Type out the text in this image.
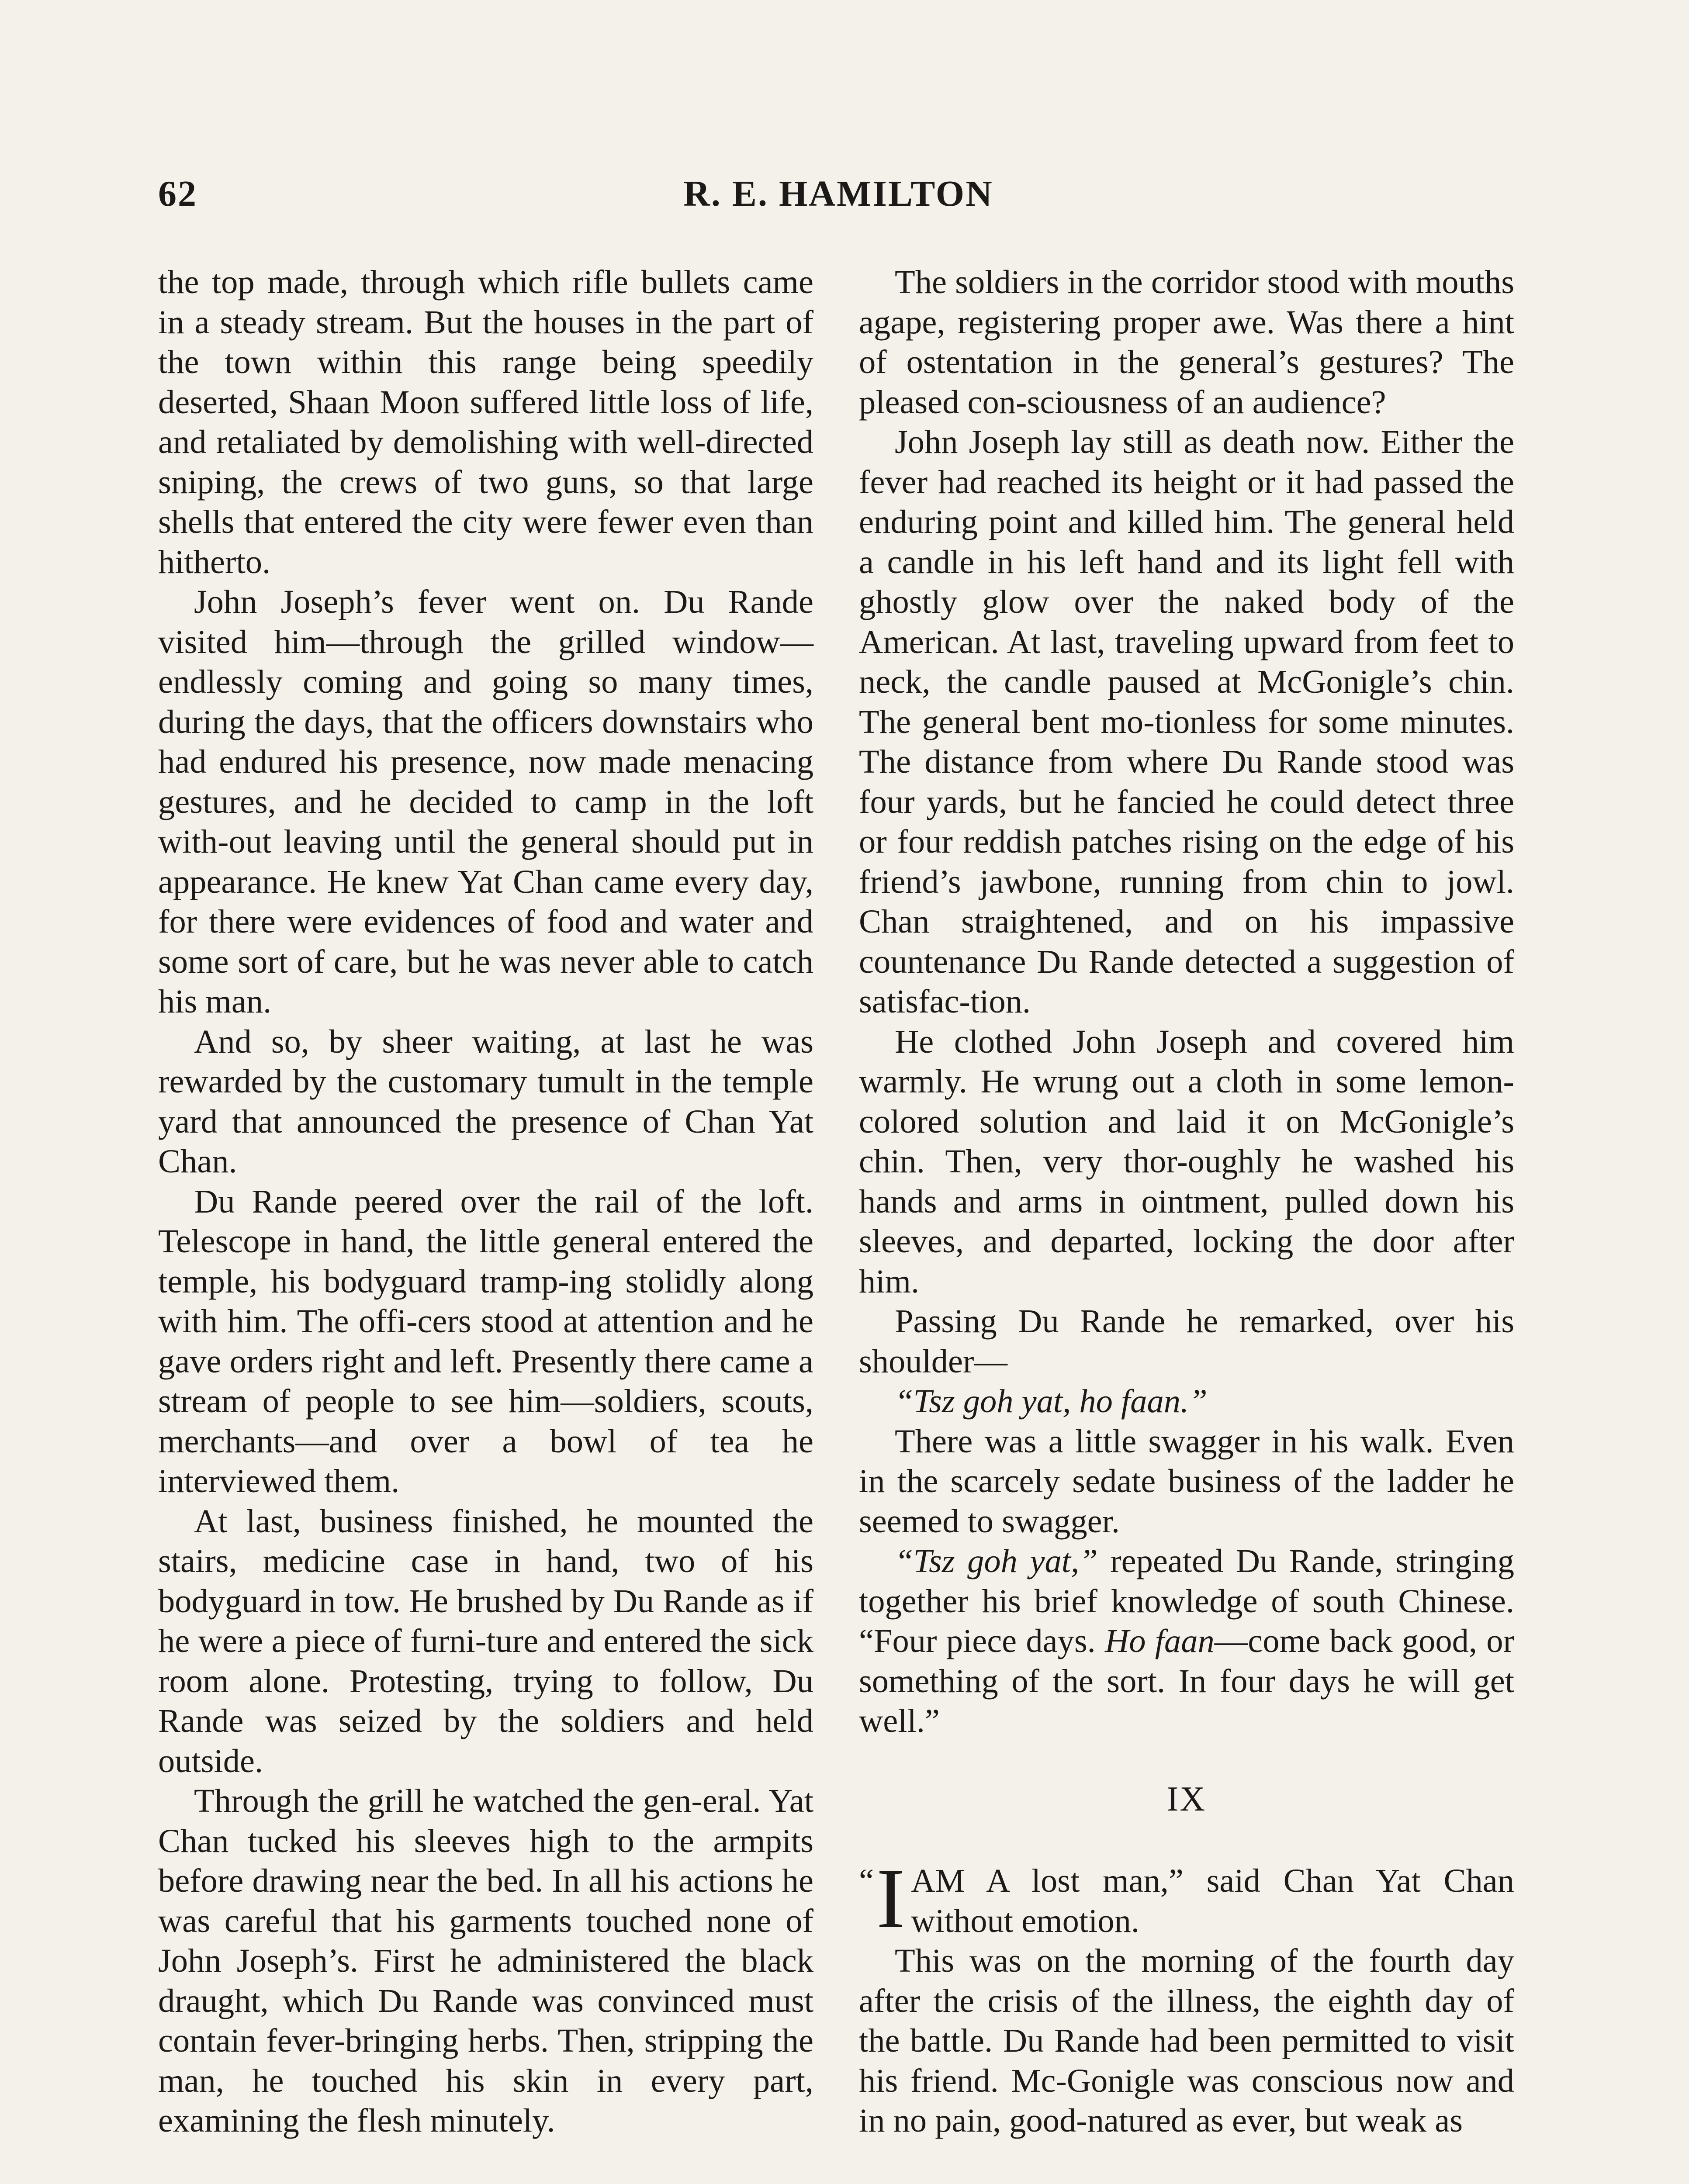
62	R. E. HAMILTON

the top made, through which rifle bullets came in a steady stream. But the houses in the part of the town within this range being speedily deserted, Shaan Moon suffered little loss of life, and retaliated by demolishing with well-directed sniping, the crews of two guns, so that large shells that entered the city were fewer even than hitherto.

John Joseph’s fever went on. Du Rande visited him—through the grilled window—endlessly coming and going so many times, during the days, that the officers downstairs who had endured his presence, now made menacing gestures, and he decided to camp in the loft with-out leaving until the general should put in appearance. He knew Yat Chan came every day, for there were evidences of food and water and some sort of care, but he was never able to catch his man.

And so, by sheer waiting, at last he was rewarded by the customary tumult in the temple yard that announced the presence of Chan Yat Chan.

Du Rande peered over the rail of the loft. Telescope in hand, the little general entered the temple, his bodyguard tramp-ing stolidly along with him. The offi-cers stood at attention and he gave orders right and left. Presently there came a stream of people to see him—soldiers, scouts, merchants—and over a bowl of tea he interviewed them.

At last, business finished, he mounted the stairs, medicine case in hand, two of his bodyguard in tow. He brushed by Du Rande as if he were a piece of furni-ture and entered the sick room alone. Protesting, trying to follow, Du Rande was seized by the soldiers and held outside.

Through the grill he watched the gen-eral. Yat Chan tucked his sleeves high to the armpits before drawing near the bed. In all his actions he was careful that his garments touched none of John Joseph’s. First he administered the black draught, which Du Rande was convinced must contain fever-bringing herbs. Then, stripping the man, he touched his skin in every part, examining the flesh minutely.

The soldiers in the corridor stood with mouths agape, registering proper awe. Was there a hint of ostentation in the general’s gestures? The pleased con-sciousness of an audience?

John Joseph lay still as death now. Either the fever had reached its height or it had passed the enduring point and killed him. The general held a candle in his left hand and its light fell with ghostly glow over the naked body of the American. At last, traveling upward from feet to neck, the candle paused at McGonigle’s chin. The general bent mo-tionless for some minutes. The distance from where Du Rande stood was four yards, but he fancied he could detect three or four reddish patches rising on the edge of his friend’s jawbone, running from chin to jowl. Chan straightened, and on his impassive countenance Du Rande detected a suggestion of satisfac-tion.

He clothed John Joseph and covered him warmly. He wrung out a cloth in some lemon-colored solution and laid it on McGonigle’s chin. Then, very thor-oughly he washed his hands and arms in ointment, pulled down his sleeves, and departed, locking the door after him.

Passing Du Rande he remarked, over his shoulder—

“Tsz goh yat, ho faan.”

There was a little swagger in his walk. Even in the scarcely sedate business of the ladder he seemed to swagger.

“Tsz goh yat,” repeated Du Rande, stringing together his brief knowledge of south Chinese. “Four piece days. Ho faan—come back good, or something of the sort. In four days he will get well.”

IX

“ I AM A lost man,” said Chan Yat Chan without emotion.

This was on the morning of the fourth day after the crisis of the illness, the eighth day of the battle. Du Rande had been permitted to visit his friend. Mc-Gonigle was conscious now and in no pain, good-natured as ever, but weak as
